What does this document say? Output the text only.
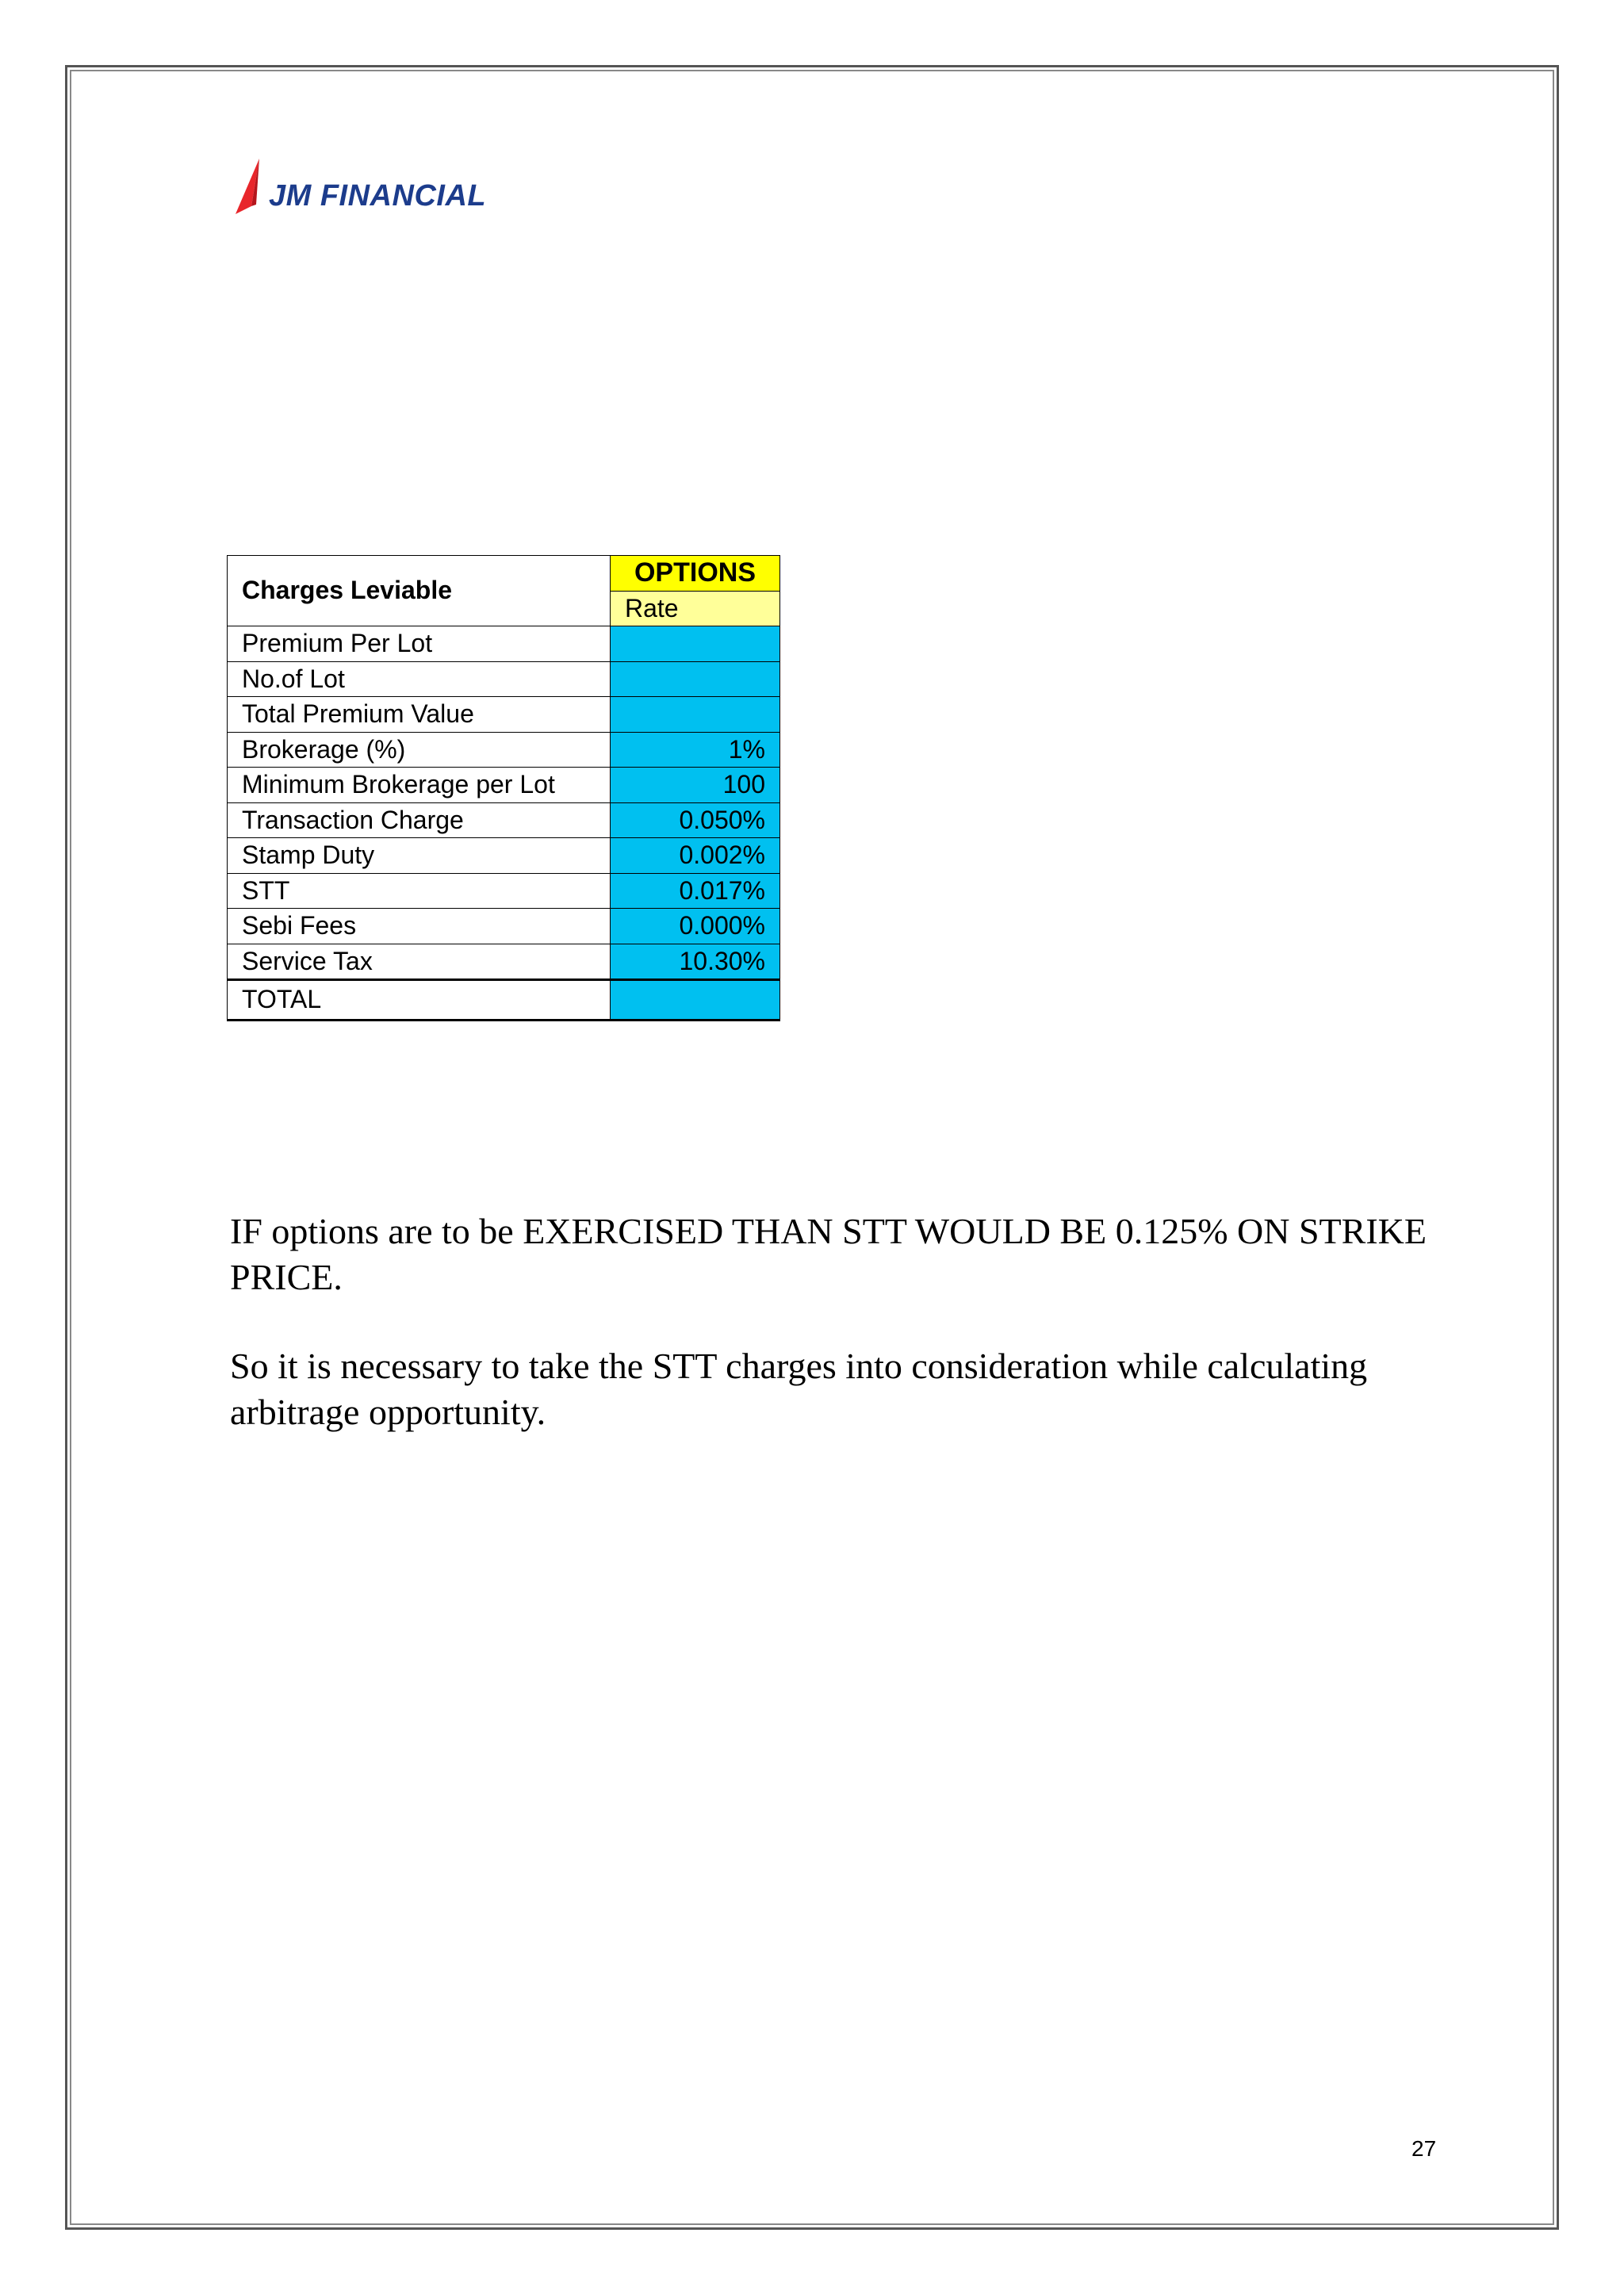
JM FINANCIAL

Charges Leviable	OPTIONS
	Rate
Premium Per Lot	
No.of Lot	
Total Premium Value	
Brokerage (%)	1%
Minimum Brokerage per Lot	100
Transaction Charge	0.050%
Stamp Duty	0.002%
STT	0.017%
Sebi Fees	0.000%
Service Tax	10.30%
TOTAL	

IF options are to be EXERCISED THAN STT WOULD BE 0.125% ON STRIKE PRICE.

So it is necessary to take the STT charges into consideration while calculating arbitrage opportunity.

27
